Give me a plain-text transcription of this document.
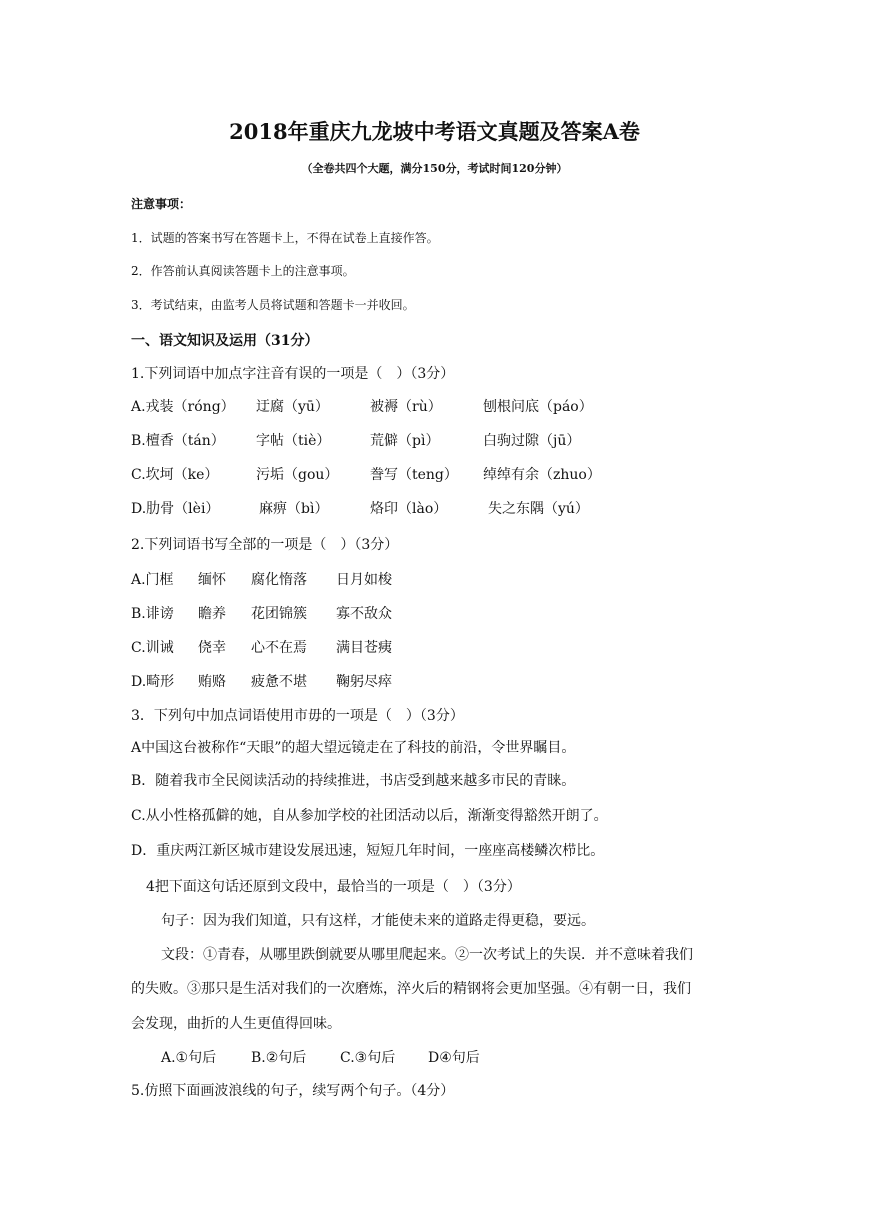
2018年重庆九龙坡中考语文真题及答案A卷
（全卷共四个大题，满分150分，考试时间120分钟）
注意事项：
1．试题的答案书写在答题卡上，不得在试卷上直接作答。
2．作答前认真阅读答题卡上的注意事项。
3．考试结束，由监考人员将试题和答题卡一并收回。
一、语文知识及运用（31分）
1.下列词语中加点字注音有误的一项是（　）（3分）
A.戎装（róng） 迂腐（yū）	被褥（rù）	刨根问底（páo）
B.檀香（tán） 字帖（tiè）	荒僻（pì）	白驹过隙（jū）
C.坎坷（ke）	污垢（gou） 誊写（teng） 绰绰有余（zhuo）
D.肋骨（lèi）	麻痹（bì）	烙印（lào）	失之东隅（yú）
2.下列词语书写全部的一项是（　）（3分）
A.门框 缅怀 腐化惰落 日月如梭
B.诽谤 瞻养 花团锦簇 寡不敌众
C.训诫 侥幸 心不在焉 满目苍痍
D.畸形 贿赂 疲惫不堪 鞠躬尽瘁
3．下列句中加点词语使用市毋的一项是（　）（3分）
A中国这台被称作“天眼”的超大望远镜走在了科技的前沿，令世界瞩目。
B．随着我市全民阅读活动的持续推进，书店受到越来越多市民的青睐。
C.从小性格孤僻的她，自从参加学校的社团活动以后，渐渐变得豁然开朗了。
D．重庆两江新区城市建设发展迅速，短短几年时间，一座座高楼鳞次栉比。
4把下面这句话还原到文段中，最恰当的一项是（　）（3分）
句子：因为我们知道，只有这样，才能使未来的道路走得更稳，要远。
文段：①青春，从哪里跌倒就要从哪里爬起来。②一次考试上的失误．并不意味着我们
的失败。③那只是生活对我们的一次磨炼，淬火后的精钢将会更加坚强。④有朝一日，我们
会发现，曲折的人生更值得回味。
A.①句后 B.②句后 C.③句后 D④句后
5.仿照下面画波浪线的句子，续写两个句子。（4分）
